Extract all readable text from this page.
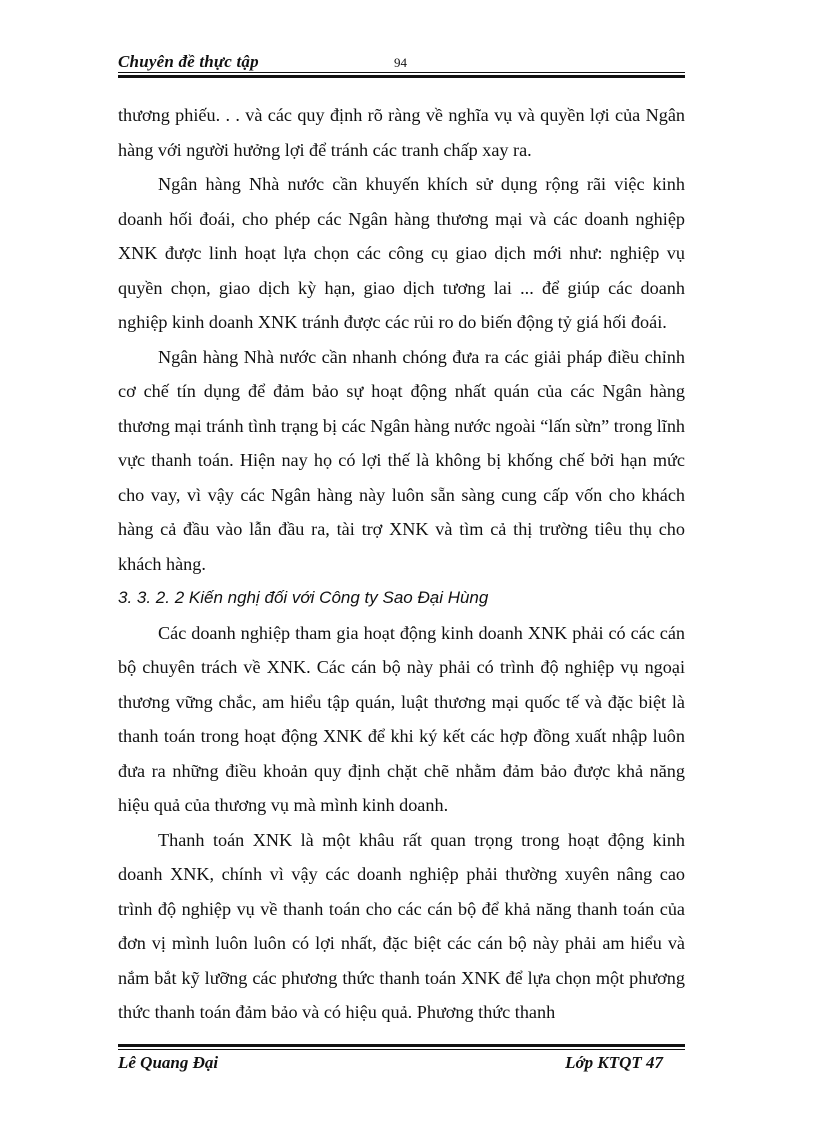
Chuyên đề thực tập	94

thương phiếu. . . và các quy định rõ ràng về nghĩa vụ và quyền lợi của Ngân hàng với người hưởng lợi để tránh các tranh chấp xay ra.

Ngân hàng Nhà nước cần khuyến khích sử dụng rộng rãi việc kinh doanh hối đoái, cho phép các Ngân hàng thương mại và các doanh nghiệp XNK được linh hoạt lựa chọn các công cụ giao dịch mới như: nghiệp vụ quyền chọn, giao dịch kỳ hạn, giao dịch tương lai ... để giúp các doanh nghiệp kinh doanh XNK tránh được các rủi ro do biến động tỷ giá hối đoái.

Ngân hàng Nhà nước cần nhanh chóng đưa ra các giải pháp điều chỉnh cơ chế tín dụng để đảm bảo sự hoạt động nhất quán của các Ngân hàng thương mại tránh tình trạng bị các Ngân hàng nước ngoài “lấn sừn” trong lĩnh vực thanh toán. Hiện nay họ có lợi thế là không bị khống chế bởi hạn mức cho vay, vì vậy các Ngân hàng này luôn sẵn sàng cung cấp vốn cho khách hàng cả đầu vào lẫn đầu ra, tài trợ XNK và tìm cả thị trường tiêu thụ cho khách hàng.

3. 3. 2. 2 Kiến nghị đối với Công ty Sao Đại Hùng

Các doanh nghiệp tham gia hoạt động kinh doanh XNK phải có các cán bộ chuyên trách về XNK. Các cán bộ này phải có trình độ nghiệp vụ ngoại thương vững chắc, am hiểu tập quán, luật thương mại quốc tế và đặc biệt là thanh toán trong hoạt động XNK để khi ký kết các hợp đồng xuất nhập luôn đưa ra những điều khoản quy định chặt chẽ nhằm đảm bảo được khả năng hiệu quả của thương vụ mà mình kinh doanh.

Thanh toán XNK là một khâu rất quan trọng trong hoạt động kinh doanh XNK, chính vì vậy các doanh nghiệp phải thường xuyên nâng cao trình độ nghiệp vụ về thanh toán cho các cán bộ để khả năng thanh toán của đơn vị mình luôn luôn có lợi nhất, đặc biệt các cán bộ này phải am hiểu và nắm bắt kỹ lưỡng các phương thức thanh toán XNK để lựa chọn một phương thức thanh toán đảm bảo và có hiệu quả. Phương thức thanh

Lê Quang Đại	Lớp KTQT 47
